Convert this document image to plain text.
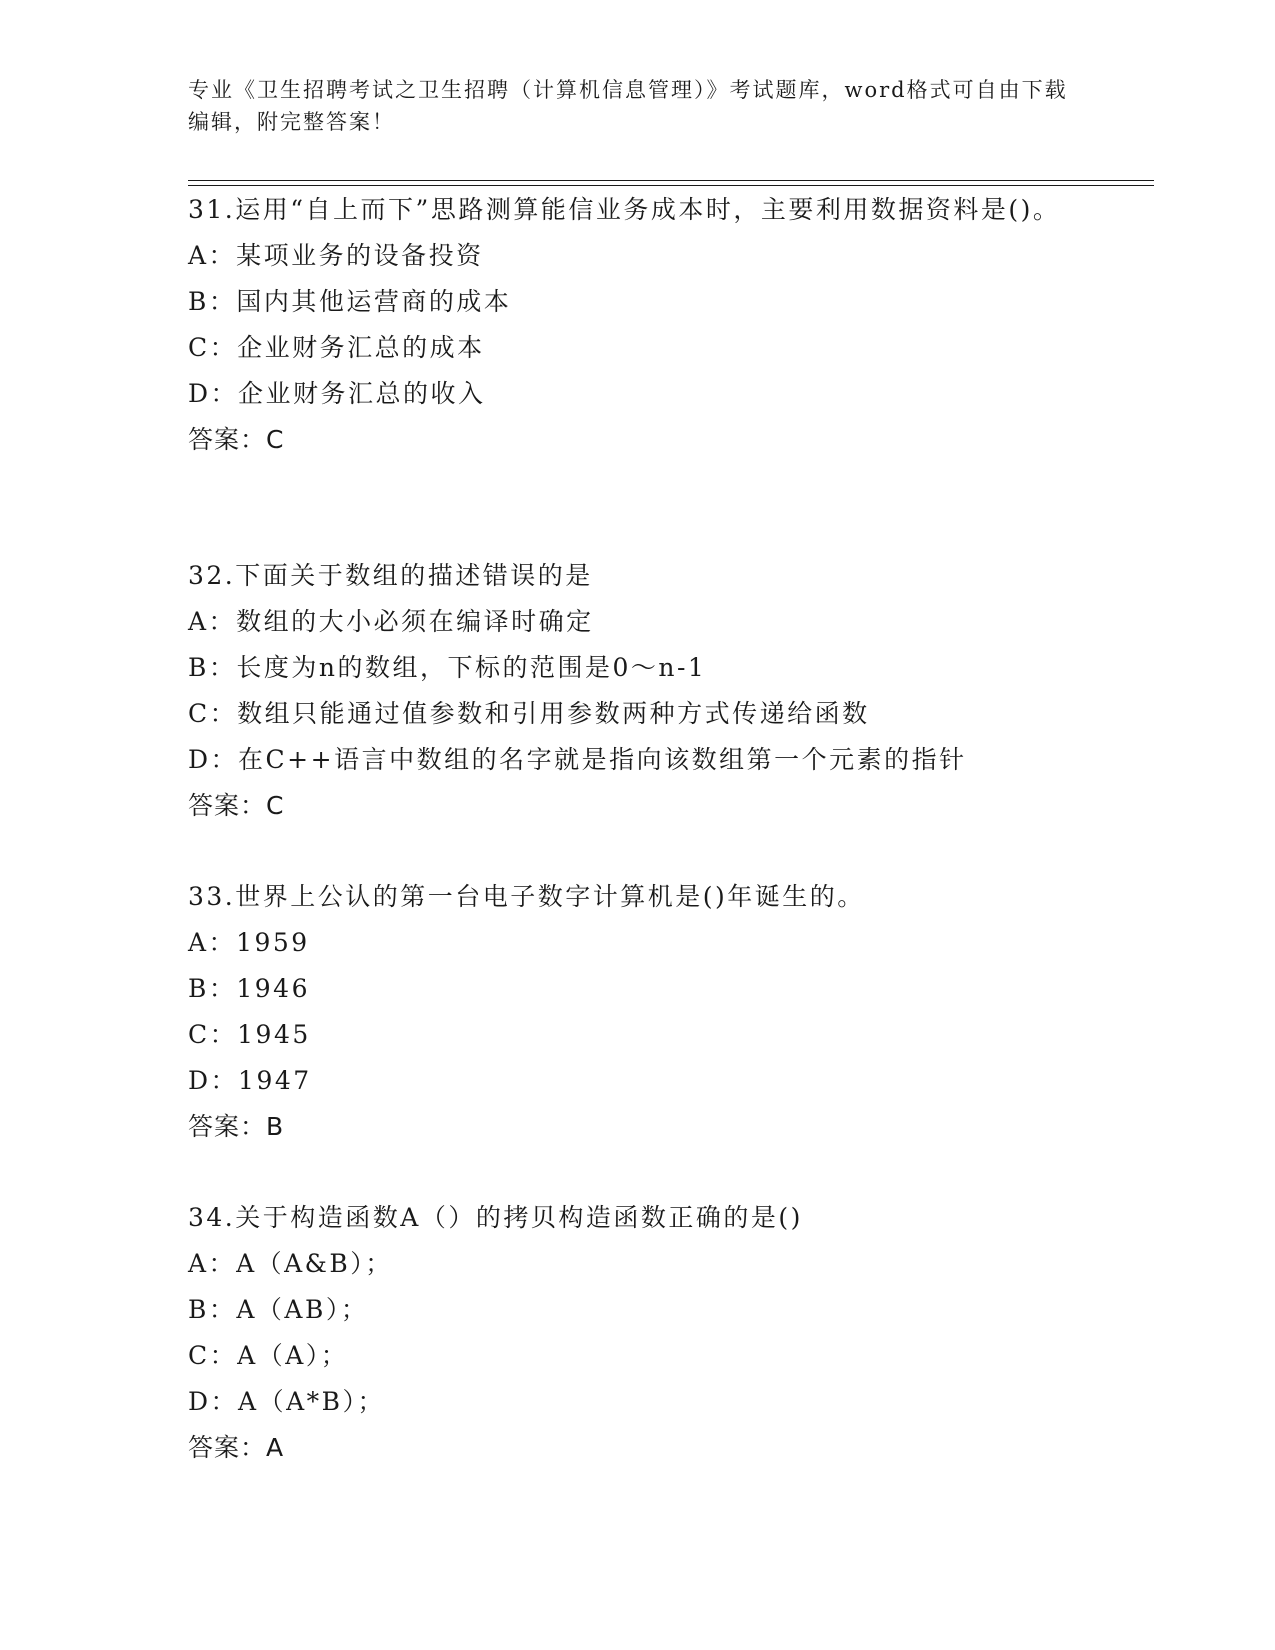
专业《卫生招聘考试之卫生招聘（计算机信息管理）》考试题库，word格式可自由下载编辑，附完整答案！
31.运用“自上而下”思路测算能信业务成本时，主要利用数据资料是()。
A：某项业务的设备投资
B：国内其他运营商的成本
C：企业财务汇总的成本
D：企业财务汇总的收入
答案：C
32.下面关于数组的描述错误的是
A：数组的大小必须在编译时确定
B：长度为n的数组，下标的范围是0～n-1
C：数组只能通过值参数和引用参数两种方式传递给函数
D：在C++语言中数组的名字就是指向该数组第一个元素的指针
答案：C
33.世界上公认的第一台电子数字计算机是()年诞生的。
A：1959
B：1946
C：1945
D：1947
答案：B
34.关于构造函数A（）的拷贝构造函数正确的是()
A：A（A&B）；
B：A（AB）；
C：A（A）；
D：A（A*B）；
答案：A
